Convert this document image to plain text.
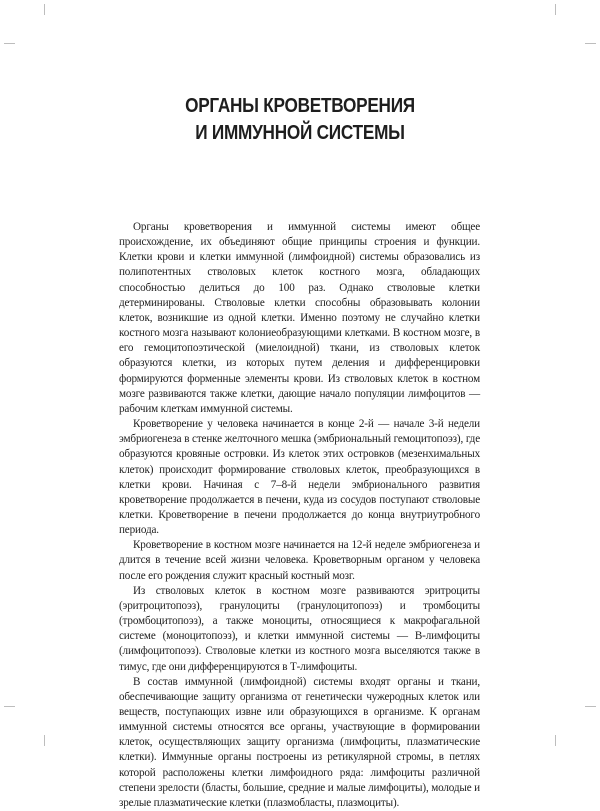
ОРГАНЫ КРОВЕТВОРЕНИЯ
И ИММУННОЙ СИСТЕМЫ

Органы кроветворения и иммунной системы имеют общее происхождение, их объединяют общие принципы строения и функции. Клетки крови и клетки иммунной (лимфоидной) системы образовались из полипотентных стволовых клеток костного мозга, обладающих способностью делиться до 100 раз. Однако стволовые клетки детерминированы. Стволовые клетки способны образовывать колонии клеток, возникшие из одной клетки. Именно поэтому не случайно клетки костного мозга называют колониеобразующими клетками. В костном мозге, в его гемоцитопоэтической (миелоидной) ткани, из стволовых клеток образуются клетки, из которых путем деления и дифференцировки формируются форменные элементы крови. Из стволовых клеток в костном мозге развиваются также клетки, дающие начало популяции лимфоцитов — рабочим клеткам иммунной системы.

Кроветворение у человека начинается в конце 2-й — начале 3-й недели эмбриогенеза в стенке желточного мешка (эмбриональный гемоцитопоэз), где образуются кровяные островки. Из клеток этих островков (мезенхимальных клеток) происходит формирование стволовых клеток, преобразующихся в клетки крови. Начиная с 7–8-й недели эмбрионального развития кроветворение продолжается в печени, куда из сосудов поступают стволовые клетки. Кроветворение в печени продолжается до конца внутриутробного периода.

Кроветворение в костном мозге начинается на 12-й неделе эмбриогенеза и длится в течение всей жизни человека. Кроветворным органом у человека после его рождения служит красный костный мозг.

Из стволовых клеток в костном мозге развиваются эритроциты (эритроцитопоэз), гранулоциты (гранулоцитопоэз) и тромбоциты (тромбоцитопоэз), а также моноциты, относящиеся к макрофагальной системе (моноцитопоэз), и клетки иммунной системы — В-лимфоциты (лимфоцитопоэз). Стволовые клетки из костного мозга выселяются также в тимус, где они дифференцируются в Т-лимфоциты.

В состав иммунной (лимфоидной) системы входят органы и ткани, обеспечивающие защиту организма от генетически чужеродных клеток или веществ, поступающих извне или образующихся в организме. К органам иммунной системы относятся все органы, участвующие в формировании клеток, осуществляющих защиту организма (лимфоциты, плазматические клетки). Иммунные органы построены из ретикулярной стромы, в петлях которой расположены клетки лимфоидного ряда: лимфоциты различной степени зрелости (бласты, большие, средние и малые лимфоциты), молодые и зрелые плазматические клетки (плазмобласты, плазмоциты).
